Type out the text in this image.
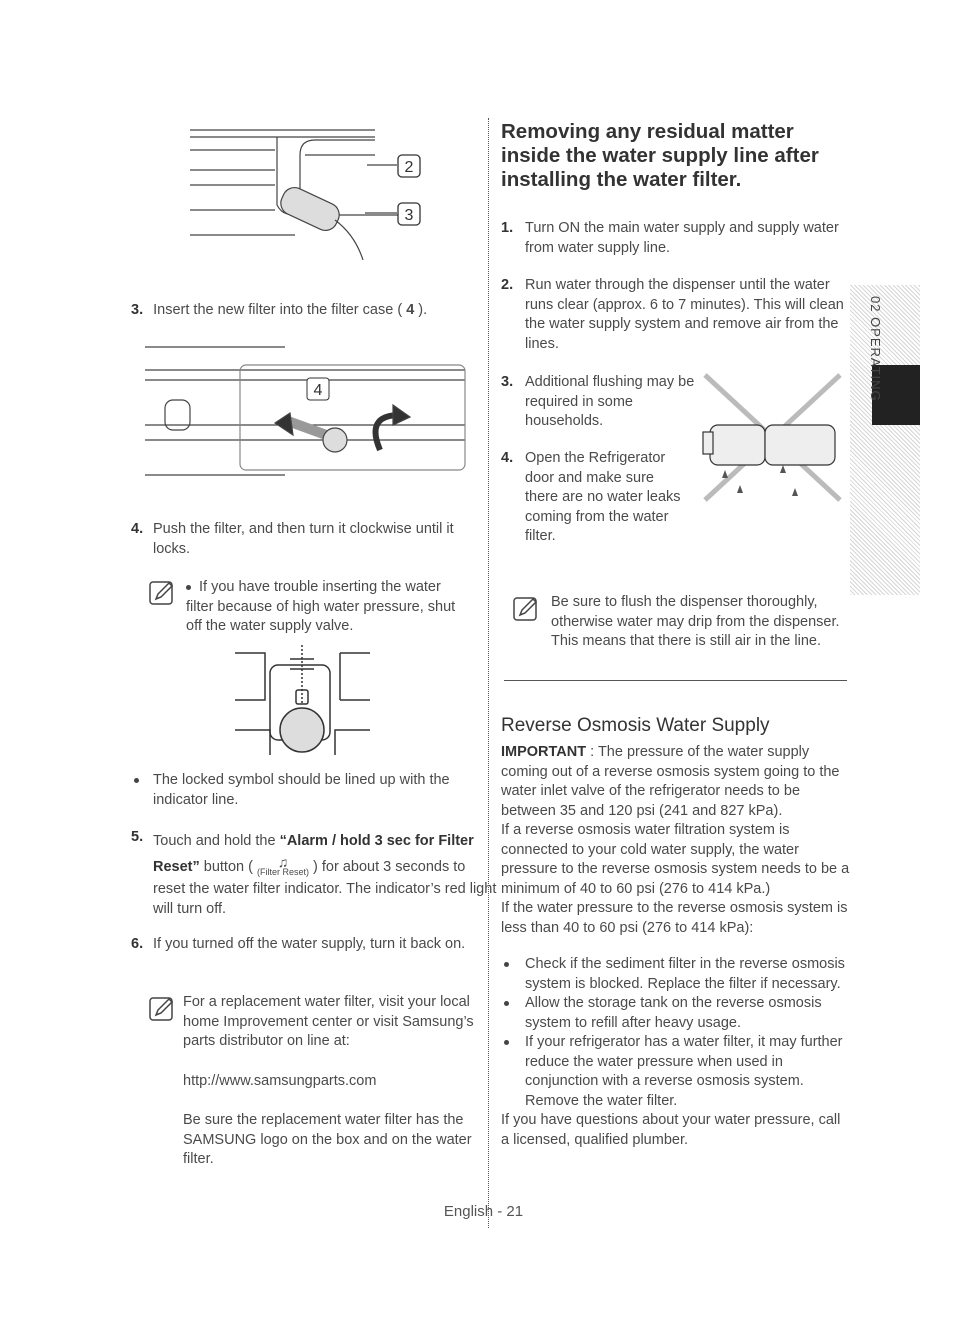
02 OPERATING
2
3
3. Insert the new filter into the filter case ( 4 ).
4
4. Push the filter, and then turn it clockwise until it locks.
If you have trouble inserting the water filter because of high water pressure, shut off the water supply valve.
The locked symbol should be lined up with the indicator line.
5. Touch and hold the “Alarm / hold 3 sec for Filter Reset” button (	♫
(Filter Reset) ) for about 3 seconds to reset the water filter indicator. The indicator’s red light will turn off.
6. If you turned off the water supply, turn it back on.
For a replacement water filter, visit your local home Improvement center or visit Samsung’s parts distributor on line at:
http://www.samsungparts.com
Be sure the replacement water filter has the SAMSUNG logo on the box and on the water filter.
Removing any residual matter inside the water supply line after installing the water filter.
1. Turn ON the main water supply and supply water from water supply line.
2. Run water through the dispenser until the water runs clear (approx. 6 to 7 minutes). This will clean the water supply system and remove air from the lines.
3. Additional flushing may be required in some households.
4. Open the Refrigerator door and make sure there are no water leaks coming from the water filter.
Be sure to flush the dispenser thoroughly, otherwise water may drip from the dispenser.
This means that there is still air in the line.
Reverse Osmosis Water Supply
IMPORTANT : The pressure of the water supply coming out of a reverse osmosis system going to the water inlet valve of the refrigerator needs to be between 35 and 120 psi (241 and 827 kPa).
If a reverse osmosis water filtration system is connected to your cold water supply, the water pressure to the reverse osmosis system needs to be a minimum of 40 to 60 psi (276 to 414 kPa.)
If the water pressure to the reverse osmosis system is less than 40 to 60 psi (276 to 414 kPa):
Check if the sediment filter in the reverse osmosis system is blocked. Replace the filter if necessary.
Allow the storage tank on the reverse osmosis system to refill after heavy usage.
If your refrigerator has a water filter, it may further reduce the water pressure when used in conjunction with a reverse osmosis system. Remove the water filter.
If you have questions about your water pressure, call a licensed, qualified plumber.
English - 21
